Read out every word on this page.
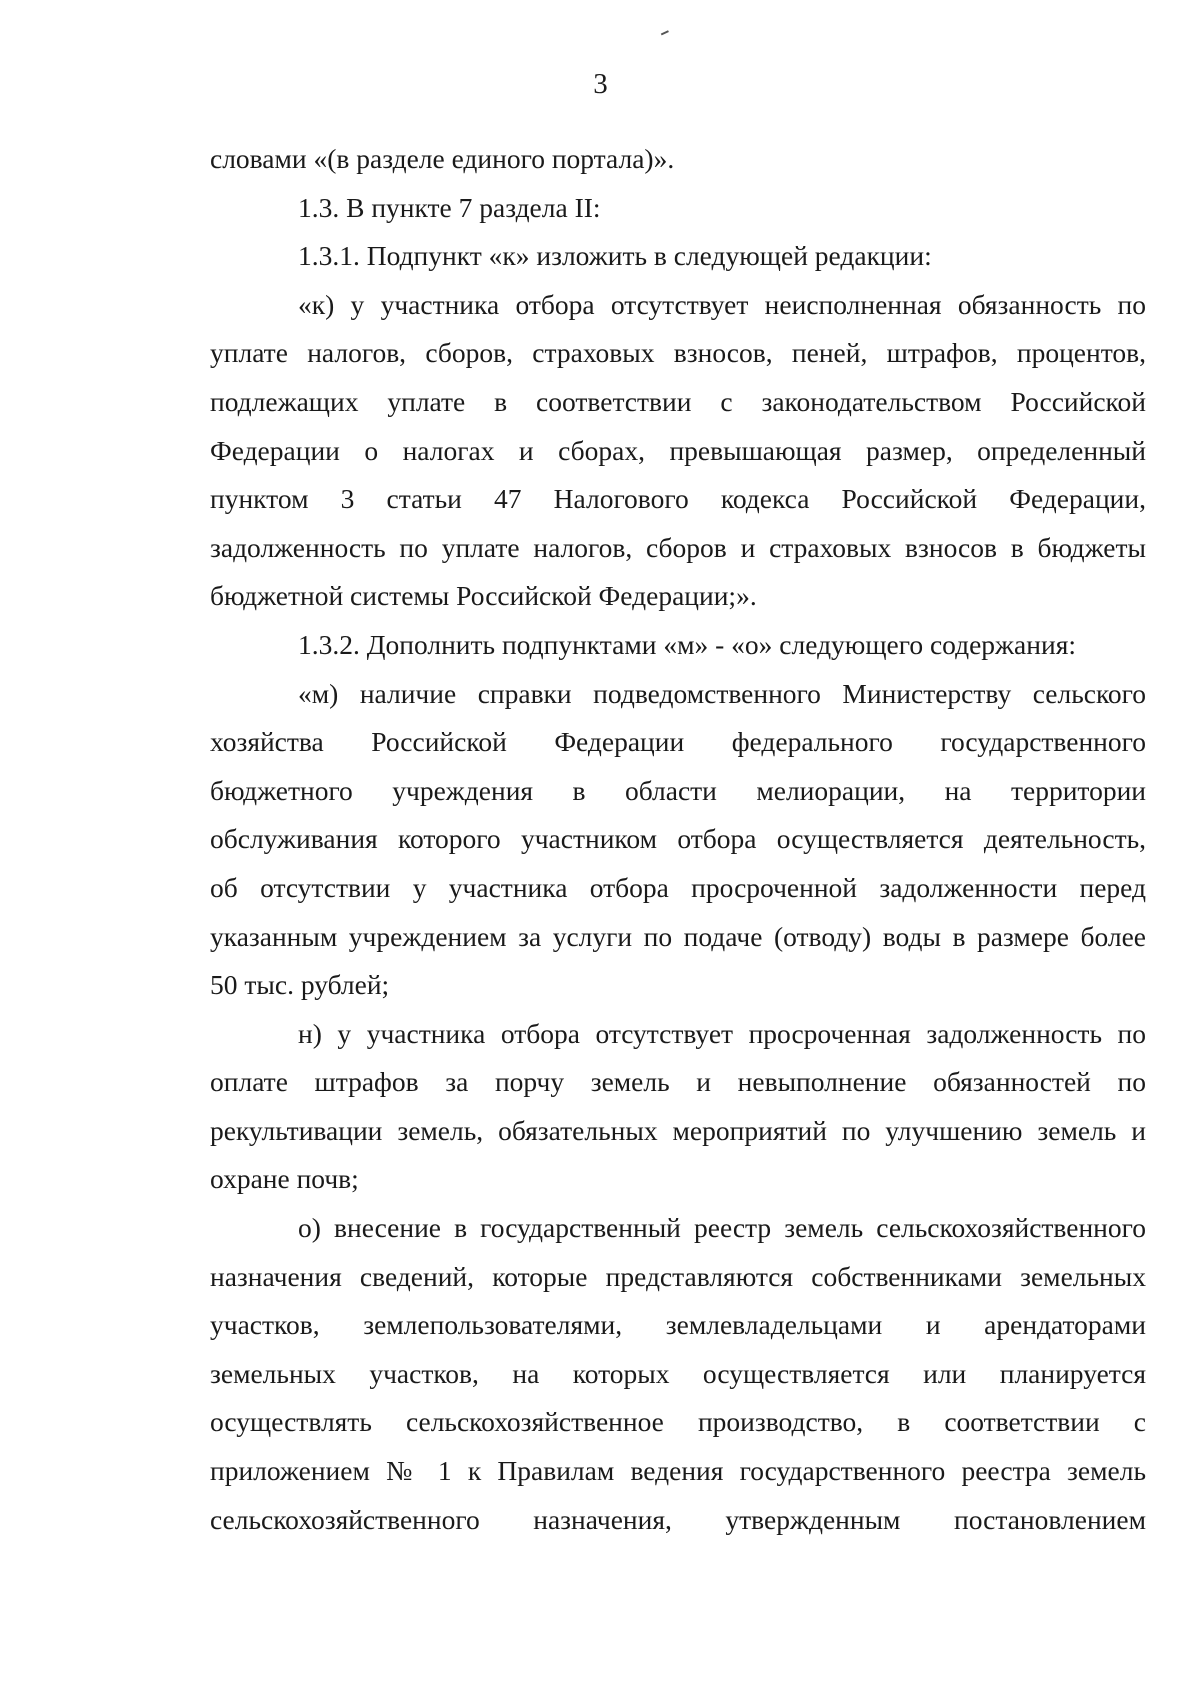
3

словами «(в разделе единого портала)».

1.3. В пункте 7 раздела II:

1.3.1. Подпункт «к» изложить в следующей редакции:

«к) у участника отбора отсутствует неисполненная обязанность по
уплате налогов, сборов, страховых взносов, пеней, штрафов, процентов,
подлежащих уплате в соответствии с законодательством Российской
Федерации о налогах и сборах, превышающая размер, определенный
пунктом 3 статьи 47 Налогового кодекса Российской Федерации,
задолженность по уплате налогов, сборов и страховых взносов в бюджеты
бюджетной системы Российской Федерации;».

1.3.2. Дополнить подпунктами «м» - «о» следующего содержания:

«м) наличие справки подведомственного Министерству сельского
хозяйства Российской Федерации федерального государственного
бюджетного учреждения в области мелиорации, на территории
обслуживания которого участником отбора осуществляется деятельность,
об отсутствии у участника отбора просроченной задолженности перед
указанным учреждением за услуги по подаче (отводу) воды в размере более
50 тыс. рублей;

н) у участника отбора отсутствует просроченная задолженность по
оплате штрафов за порчу земель и невыполнение обязанностей по
рекультивации земель, обязательных мероприятий по улучшению земель и
охране почв;

о) внесение в государственный реестр земель сельскохозяйственного
назначения сведений, которые представляются собственниками земельных
участков, землепользователями, землевладельцами и арендаторами
земельных участков, на которых осуществляется или планируется
осуществлять сельскохозяйственное производство, в соответствии с
приложением № 1 к Правилам ведения государственного реестра земель
сельскохозяйственного назначения, утвержденным постановлением
